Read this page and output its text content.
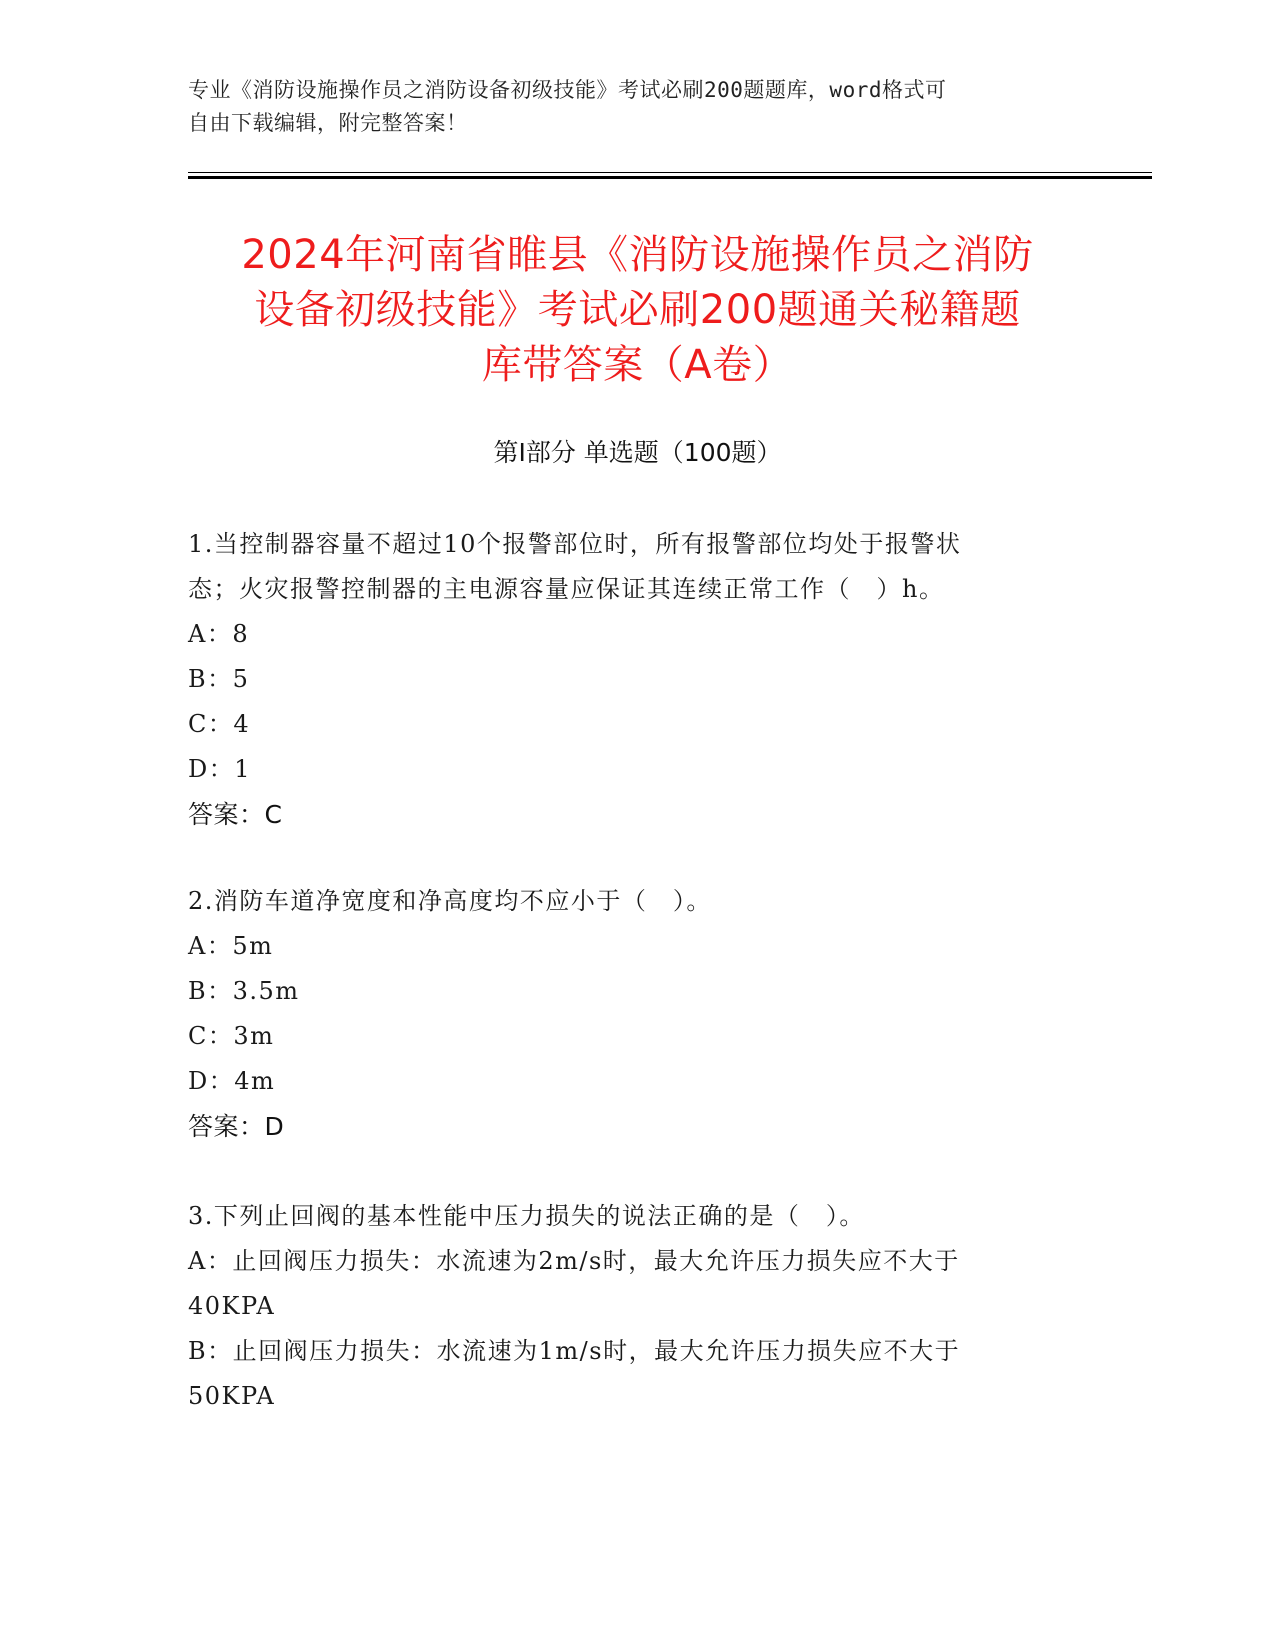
专业《消防设施操作员之消防设备初级技能》考试必刷200题题库，word格式可
自由下载编辑，附完整答案！
2024年河南省睢县《消防设施操作员之消防
设备初级技能》考试必刷200题通关秘籍题
库带答案（A卷）
第Ⅰ部分 单选题（100题）
1.当控制器容量不超过10个报警部位时，所有报警部位均处于报警状
态；火灾报警控制器的主电源容量应保证其连续正常工作（　）h。
A：8
B：5
C：4
D：1
答案：C
2.消防车道净宽度和净高度均不应小于（　）。
A：5m
B：3.5m
C：3m
D：4m
答案：D
3.下列止回阀的基本性能中压力损失的说法正确的是（　）。
A：止回阀压力损失：水流速为2m/s时，最大允许压力损失应不大于
40KPA
B：止回阀压力损失：水流速为1m/s时，最大允许压力损失应不大于
50KPA
